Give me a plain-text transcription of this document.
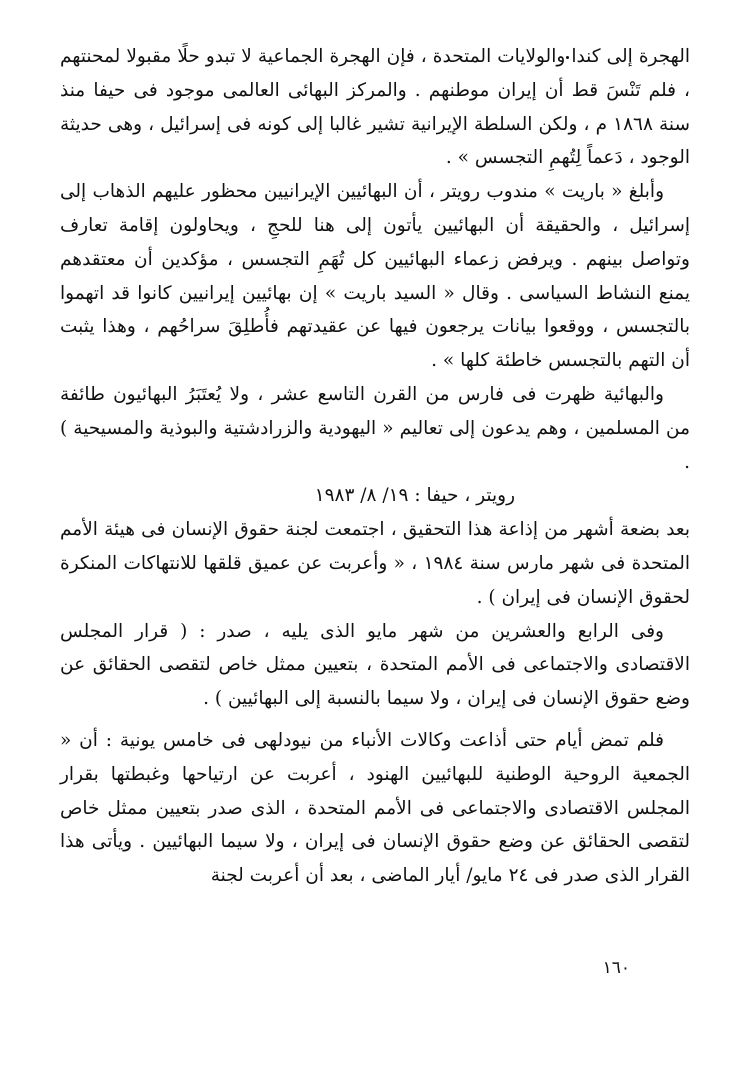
الهجرة إلى كندا والولايات المتحدة ، فإن الهجرة الجماعية لا تبدو حلًا مقبولا لمحنتهم ، فلم تَنْسَ قط أن إيران موطنهم . والمركز البهائى العالمى موجود فى حيفا منذ سنة ١٨٦٨ م ، ولكن السلطة الإيرانية تشير غالبا إلى كونه فى إسرائيل ، وهى حديثة الوجود ، دَعماً لِتُهمِ التجسس » .

وأبلغ « باريت » مندوب رويتر ، أن البهائيين الإيرانيين محظور عليهم الذهاب إلى إسرائيل ، والحقيقة أن البهائيين يأتون إلى هنا للحجِ ، ويحاولون إقامة تعارف وتواصل بينهم . ويرفض زعماء البهائيين كل تُهَمِ التجسس ، مؤكدين أن معتقدهم يمنع النشاط السياسى . وقال « السيد باريت » إن بهائيين إيرانيين كانوا قد اتهموا بالتجسس ، ووقعوا بيانات يرجعون فيها عن عقيدتهم فأُطلِقَ سراحُهم ، وهذا يثبت أن التهم بالتجسس خاطئة كلها » .

والبهائية ظهرت فى فارس من القرن التاسع عشر ، ولا يُعتَبَرُ البهائيون طائفة من المسلمين ، وهم يدعون إلى تعاليم « اليهودية والزرادشتية والبوذية والمسيحية ) .

رويتر ، حيفا : ١٩/ ٨/ ١٩٨٣

بعد بضعة أشهر من إذاعة هذا التحقيق ، اجتمعت لجنة حقوق الإنسان فى هيئة الأمم المتحدة فى شهر مارس سنة ١٩٨٤ ، « وأعربت عن عميق قلقها للانتهاكات المنكرة لحقوق الإنسان فى إيران ) .

وفى الرابع والعشرين من شهر مايو الذى يليه ، صدر : ( قرار المجلس الاقتصادى والاجتماعى فى الأمم المتحدة ، بتعيين ممثل خاص لتقصى الحقائق عن وضع حقوق الإنسان فى إيران ، ولا سيما بالنسبة إلى البهائيين ) .

فلم تمض أيام حتى أذاعت وكالات الأنباء من نيودلهى فى خامس يونية : أن « الجمعية الروحية الوطنية للبهائيين الهنود ، أعربت عن ارتياحها وغبطتها بقرار المجلس الاقتصادى والاجتماعى فى الأمم المتحدة ، الذى صدر بتعيين ممثل خاص لتقصى الحقائق عن وضع حقوق الإنسان فى إيران ، ولا سيما البهائيين . ويأتى هذا القرار الذى صدر فى ٢٤ مايو/ أيار الماضى ، بعد أن أعربت لجنة

١٦٠
